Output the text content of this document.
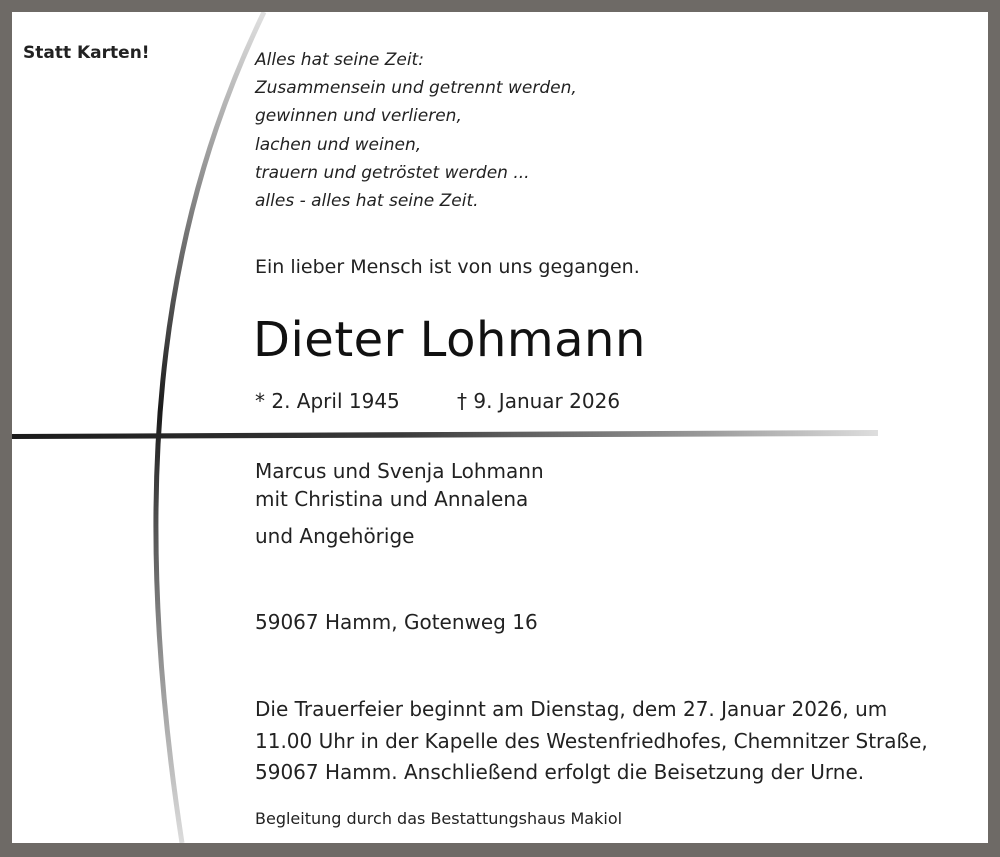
Statt Karten!	Alles hat seine Zeit:
Zusammensein und getrennt werden,
gewinnen und verlieren,
lachen und weinen,
trauern und getröstet werden ...
alles - alles hat seine Zeit.

Ein lieber Mensch ist von uns gegangen.

Dieter Lohmann

* 2. April 1945	† 9. Januar 2026

Marcus und Svenja Lohmann

mit Christina und Annalena

und Angehörige

59067 Hamm, Gotenweg 16

Die Trauerfeier beginnt am Dienstag, dem 27. Januar 2026, um
11.00 Uhr in der Kapelle des Westenfriedhofes, Chemnitzer Straße,
59067 Hamm. Anschließend erfolgt die Beisetzung der Urne.

Begleitung durch das Bestattungshaus Makiol
